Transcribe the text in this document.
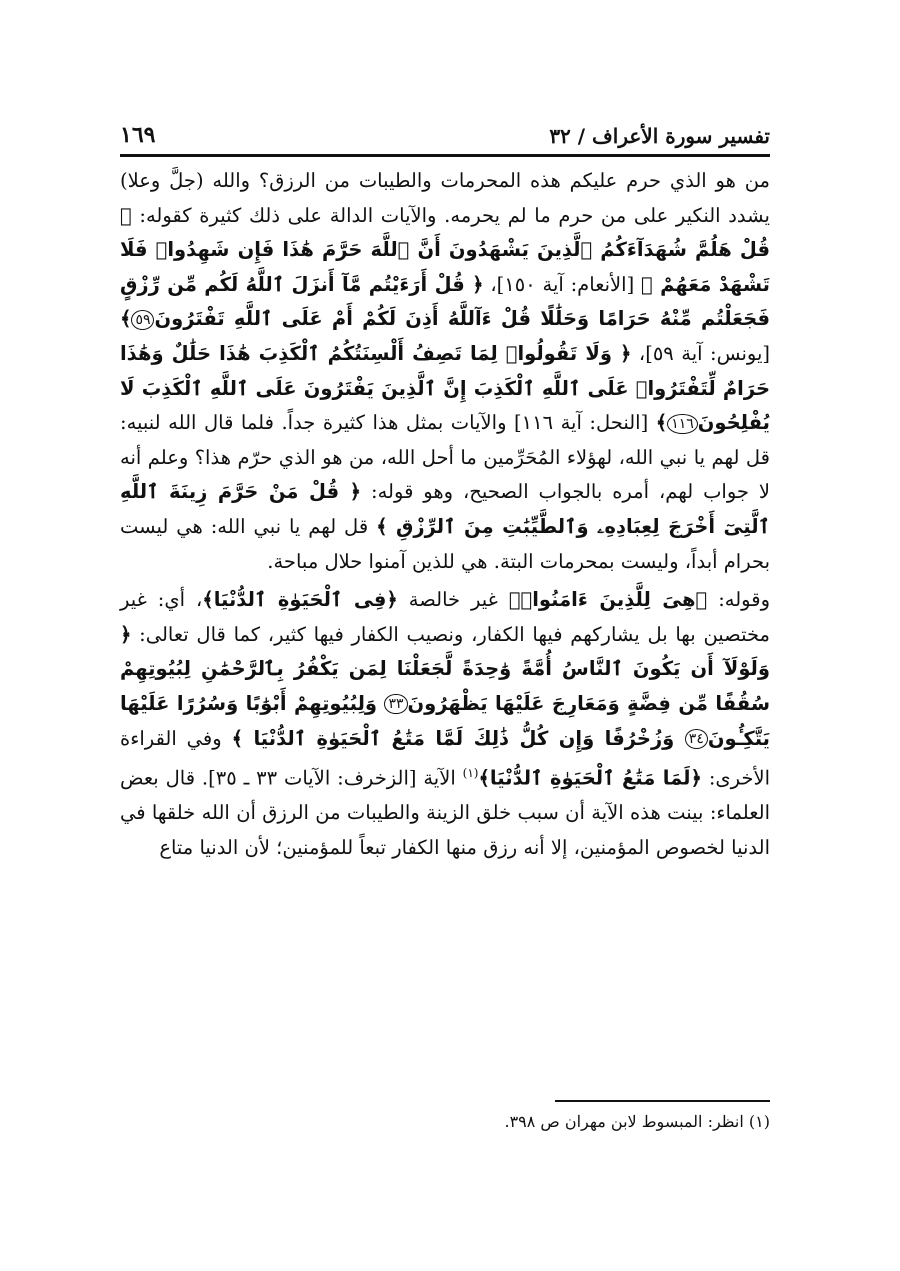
تفسير سورة الأعراف / ٣٢
١٦٩

من هو الذي حرم عليكم هذه المحرمات والطيبات من الرزق؟ والله (جلَّ وعلا) يشدد النكير على من حرم ما لم يحرمه. والآيات الدالة على ذلك كثيرة كقوله: ﴿ قُلْ هَلُمَّ شُهَدَآءَكُمُ ٱلَّذِينَ يَشْهَدُونَ أَنَّ ٱللَّهَ حَرَّمَ هَٰذَا فَإِن شَهِدُوا۟ فَلَا تَشْهَدْ مَعَهُمْ ﴾ [الأنعام: آية ١٥٠]، ﴿ قُلْ أَرَءَيْتُم مَّآ أَنزَلَ ٱللَّهُ لَكُم مِّن رِّزْقٍ فَجَعَلْتُم مِّنْهُ حَرَامًا وَحَلَٰلًا قُلْ ءَآللَّهُ أَذِنَ لَكُمْ أَمْ عَلَى ٱللَّهِ تَفْتَرُونَ٥٩﴾ [يونس: آية ٥٩]، ﴿ وَلَا تَقُولُوا۟ لِمَا تَصِفُ أَلْسِنَتُكُمُ ٱلْكَذِبَ هَٰذَا حَلَٰلٌ وَهَٰذَا حَرَامٌ لِّتَفْتَرُوا۟ عَلَى ٱللَّهِ ٱلْكَذِبَ إِنَّ ٱلَّذِينَ يَفْتَرُونَ عَلَى ٱللَّهِ ٱلْكَذِبَ لَا يُفْلِحُونَ١١٦﴾ [النحل: آية ١١٦] والآيات بمثل هذا كثيرة جداً. فلما قال الله لنبيه: قل لهم يا نبي الله، لهؤلاء المُحَرِّمين ما أحل الله، من هو الذي حرّم هذا؟ وعلم أنه لا جواب لهم، أمره بالجواب الصحيح، وهو قوله: ﴿ قُلْ مَنْ حَرَّمَ زِينَةَ ٱللَّهِ ٱلَّتِىٓ أَخْرَجَ لِعِبَادِهِۦ وَٱلطَّيِّبَٰتِ مِنَ ٱلرِّزْقِ ﴾ قل لهم يا نبي الله: هي ليست بحرام أبداً، وليست بمحرمات البتة. هي للذين آمنوا حلال مباحة.

وقوله: ﴿هِىَ لِلَّذِينَ ءَامَنُوا۟﴾ غير خالصة ﴿فِى ٱلْحَيَوٰةِ ٱلدُّنْيَا﴾، أي: غير مختصين بها بل يشاركهم فيها الكفار، ونصيب الكفار فيها كثير، كما قال تعالى: ﴿ وَلَوْلَآ أَن يَكُونَ ٱلنَّاسُ أُمَّةً وَٰحِدَةً لَّجَعَلْنَا لِمَن يَكْفُرُ بِٱلرَّحْمَٰنِ لِبُيُوتِهِمْ سُقُفًا مِّن فِضَّةٍ وَمَعَارِجَ عَلَيْهَا يَظْهَرُونَ٣٣ وَلِبُيُوتِهِمْ أَبْوَٰبًا وَسُرُرًا عَلَيْهَا يَتَّكِـُٔونَ٣٤ وَزُخْرُفًا وَإِن كُلُّ ذَٰلِكَ لَمَّا مَتَٰعُ ٱلْحَيَوٰةِ ٱلدُّنْيَا ﴾ وفي القراءة الأخرى: ﴿لَمَا مَتَٰعُ ٱلْحَيَوٰةِ ٱلدُّنْيَا﴾$^{(١)}$ الآية [الزخرف: الآيات ٣٣ ـ ٣٥]. قال بعض العلماء: بينت هذه الآية أن سبب خلق الزينة والطيبات من الرزق أن الله خلقها في الدنيا لخصوص المؤمنين، إلا أنه رزق منها الكفار تبعاً للمؤمنين؛ لأن الدنيا متاع

(١) انظر: المبسوط لابن مهران ص ٣٩٨.
